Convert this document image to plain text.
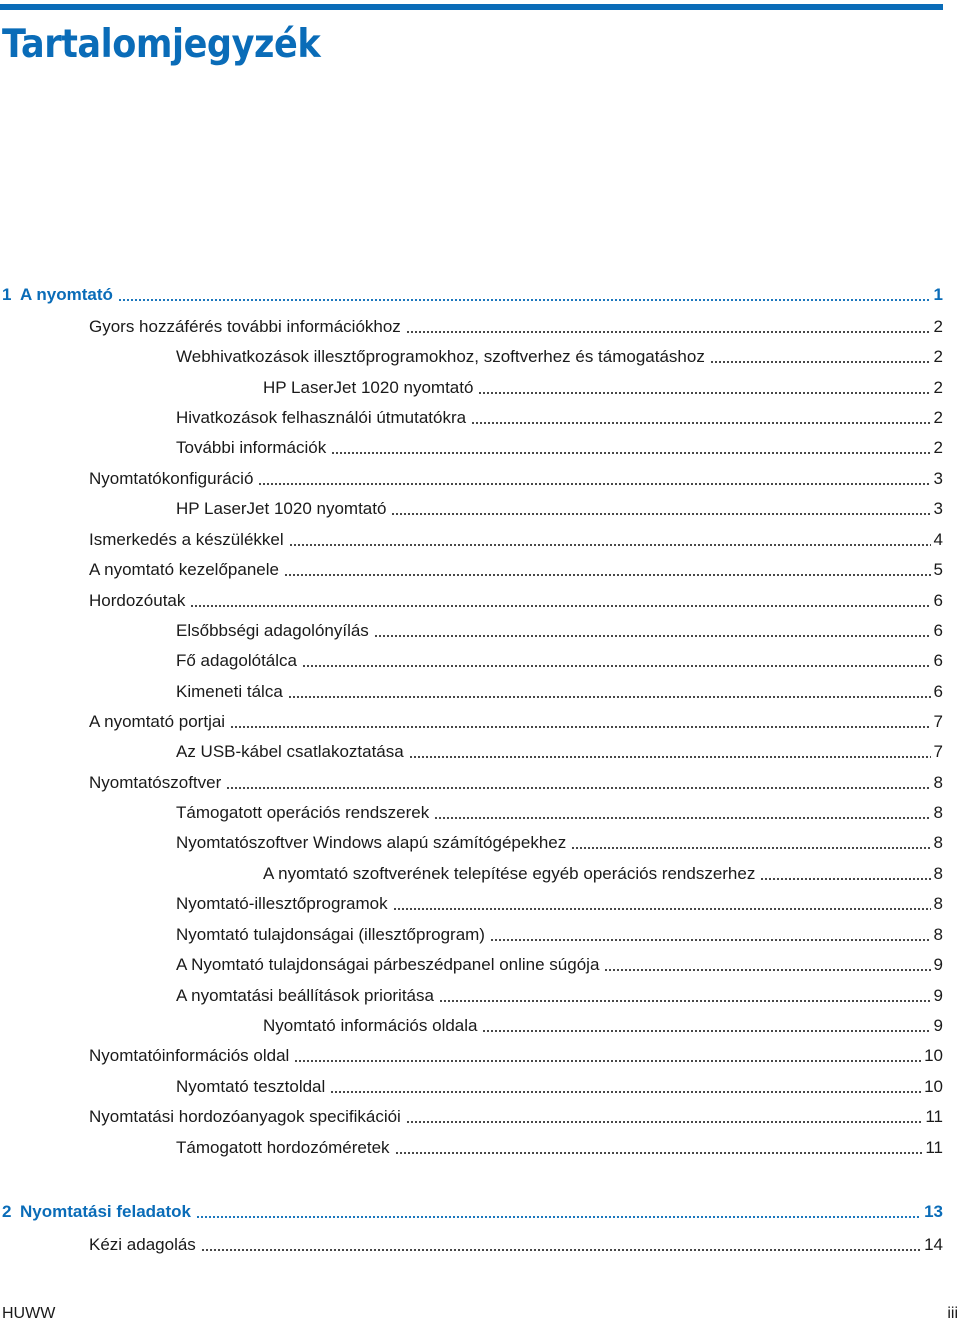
Tartalomjegyzék
1 A nyomtató	1
Gyors hozzáférés további információkhoz	2
Webhivatkozások illesztőprogramokhoz, szoftverhez és támogatáshoz	2
HP LaserJet 1020 nyomtató	2
Hivatkozások felhasználói útmutatókra	2
További információk	2
Nyomtatókonfiguráció	3
HP LaserJet 1020 nyomtató	3
Ismerkedés a készülékkel	4
A nyomtató kezelőpanele	5
Hordozóutak	6
Elsőbbségi adagolónyílás	6
Fő adagolótálca	6
Kimeneti tálca	6
A nyomtató portjai	7
Az USB-kábel csatlakoztatása	7
Nyomtatószoftver	8
Támogatott operációs rendszerek	8
Nyomtatószoftver Windows alapú számítógépekhez	8
A nyomtató szoftverének telepítése egyéb operációs rendszerhez	8
Nyomtató-illesztőprogramok	8
Nyomtató tulajdonságai (illesztőprogram)	8
A Nyomtató tulajdonságai párbeszédpanel online súgója	9
A nyomtatási beállítások prioritása	9
Nyomtató információs oldala	9
Nyomtatóinformációs oldal	10
Nyomtató tesztoldal	10
Nyomtatási hordozóanyagok specifikációi	11
Támogatott hordozóméretek	11
2 Nyomtatási feladatok	13
Kézi adagolás	14
HUWW	iii
